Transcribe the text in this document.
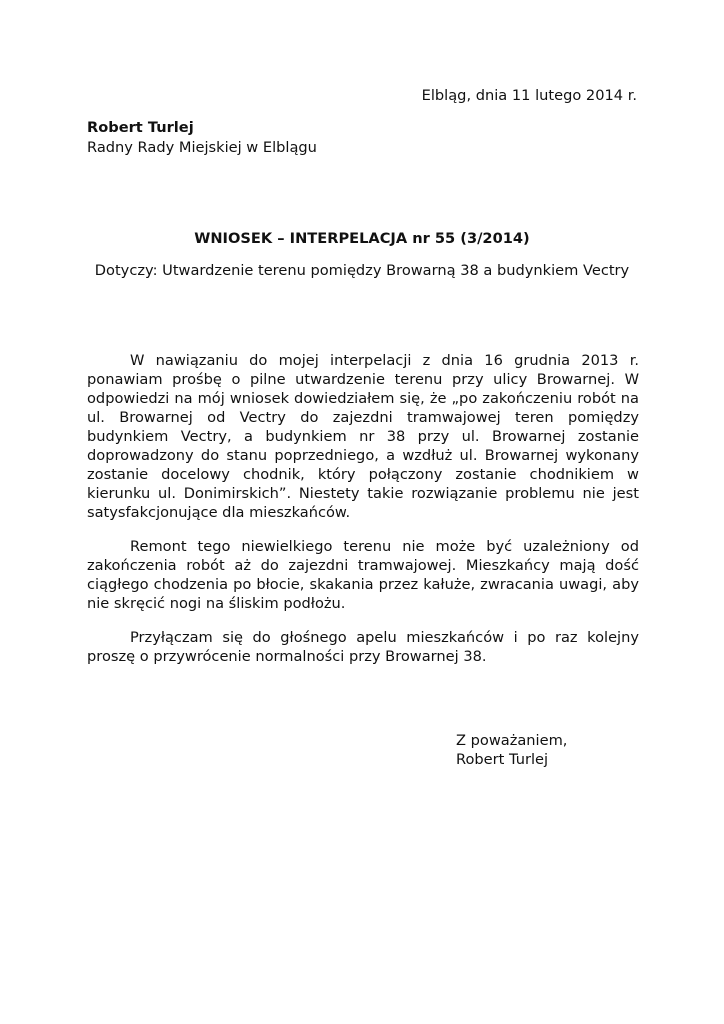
Elbląg, dnia 11 lutego 2014 r.
Robert Turlej
Radny Rady Miejskiej w Elblągu
WNIOSEK – INTERPELACJA nr 55 (3/2014)
Dotyczy: Utwardzenie terenu pomiędzy Browarną 38 a budynkiem Vectry

W nawiązaniu do mojej interpelacji z dnia 16 grudnia 2013 r. ponawiam prośbę o pilne utwardzenie terenu przy ulicy Browarnej. W odpowiedzi na mój wniosek dowiedziałem się, że „po zakończeniu robót na ul. Browarnej od Vectry do zajezdni tramwajowej teren pomiędzy budynkiem Vectry, a budynkiem nr 38 przy ul. Browarnej zostanie doprowadzony do stanu poprzedniego, a wzdłuż ul. Browarnej wykonany zostanie docelowy chodnik, który połączony zostanie chodnikiem w kierunku ul. Donimirskich”. Niestety takie rozwiązanie problemu nie jest satysfakcjonujące dla mieszkańców.

Remont tego niewielkiego terenu nie może być uzależniony od zakończenia robót aż do zajezdni tramwajowej. Mieszkańcy mają dość ciągłego chodzenia po błocie, skakania przez kałuże, zwracania uwagi, aby nie skręcić nogi na śliskim podłożu.

Przyłączam się do głośnego apelu mieszkańców i po raz kolejny proszę o przywrócenie normalności przy Browarnej 38.

Z poważaniem,
Robert Turlej
